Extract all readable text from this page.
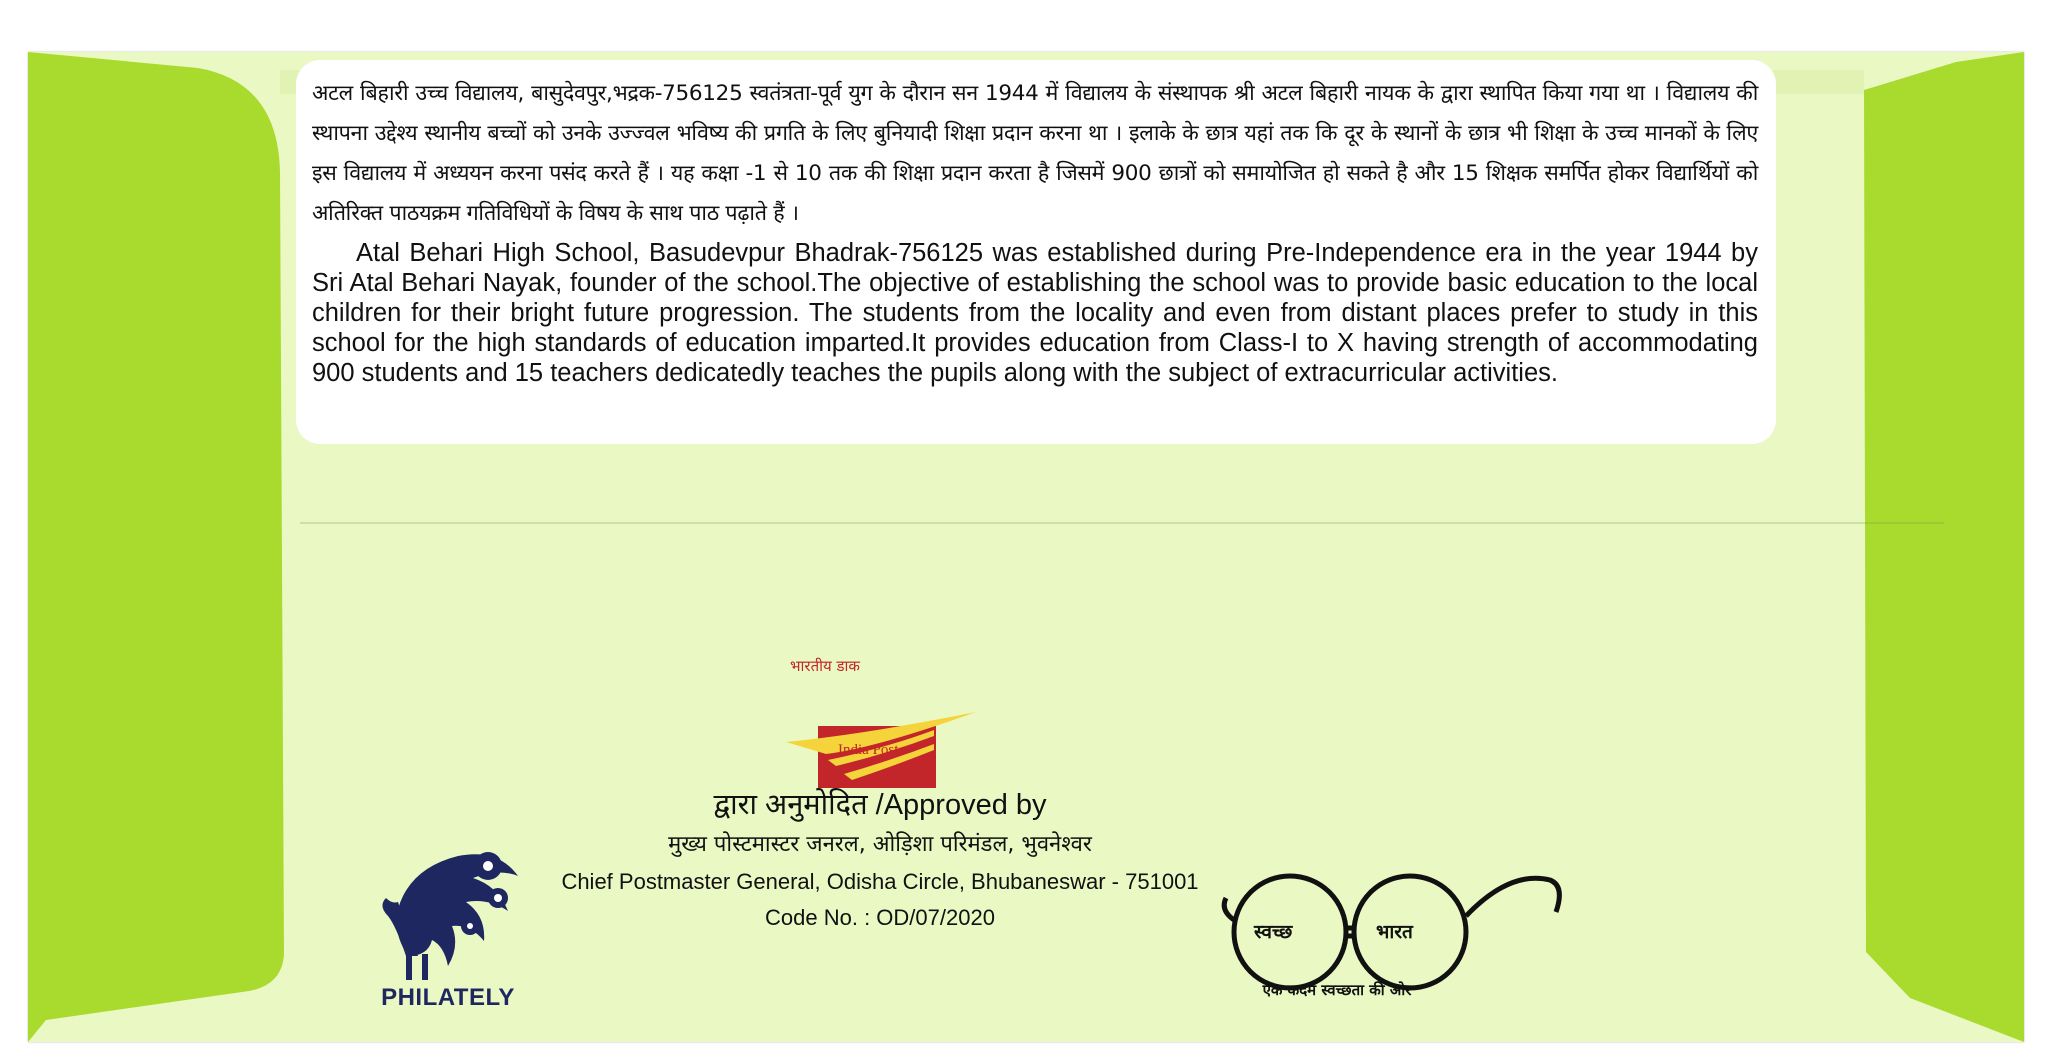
अटल बिहारी उच्च विद्यालय, बासुदेवपुर,भद्रक-756125 स्वतंत्रता-पूर्व युग के दौरान सन 1944 में विद्यालय के संस्थापक श्री अटल बिहारी नायक के द्वारा स्थापित किया गया था । विद्यालय की स्थापना उद्देश्य स्थानीय बच्चों को उनके उज्ज्वल भविष्य की प्रगति के लिए बुनियादी शिक्षा प्रदान करना था । इलाके के छात्र यहां तक कि दूर के स्थानों के छात्र भी शिक्षा के उच्च मानकों के लिए इस विद्यालय में अध्ययन करना पसंद करते हैं । यह कक्षा -1 से 10 तक की शिक्षा प्रदान करता है जिसमें 900 छात्रों को समायोजित हो सकते है और 15 शिक्षक समर्पित होकर विद्यार्थियों को अतिरिक्त पाठयक्रम गतिविधियों के विषय के साथ पाठ पढ़ाते हैं ।

Atal Behari High School, Basudevpur Bhadrak-756125 was established during Pre-Independence era in the year 1944 by Sri Atal Behari Nayak, founder of the school.The objective of establishing the school was to provide basic education to the local children for their bright future progression. The students from the locality and even from distant places prefer to study in this school for the high standards of education imparted.It provides education from Class-I to X having strength of accommodating 900 students and 15 teachers dedicatedly teaches the pupils along with the subject of extracurricular activities.

भारतीय डाक
India Post
द्वारा अनुमोदित /Approved by
मुख्य पोस्टमास्टर जनरल, ओड़िशा परिमंडल, भुवनेश्वर
Chief Postmaster General, Odisha Circle, Bhubaneswar - 751001
Code No. : OD/07/2020
PHILATELY
स्वच्छ	भारत
एक कदम स्वच्छता की ओर
